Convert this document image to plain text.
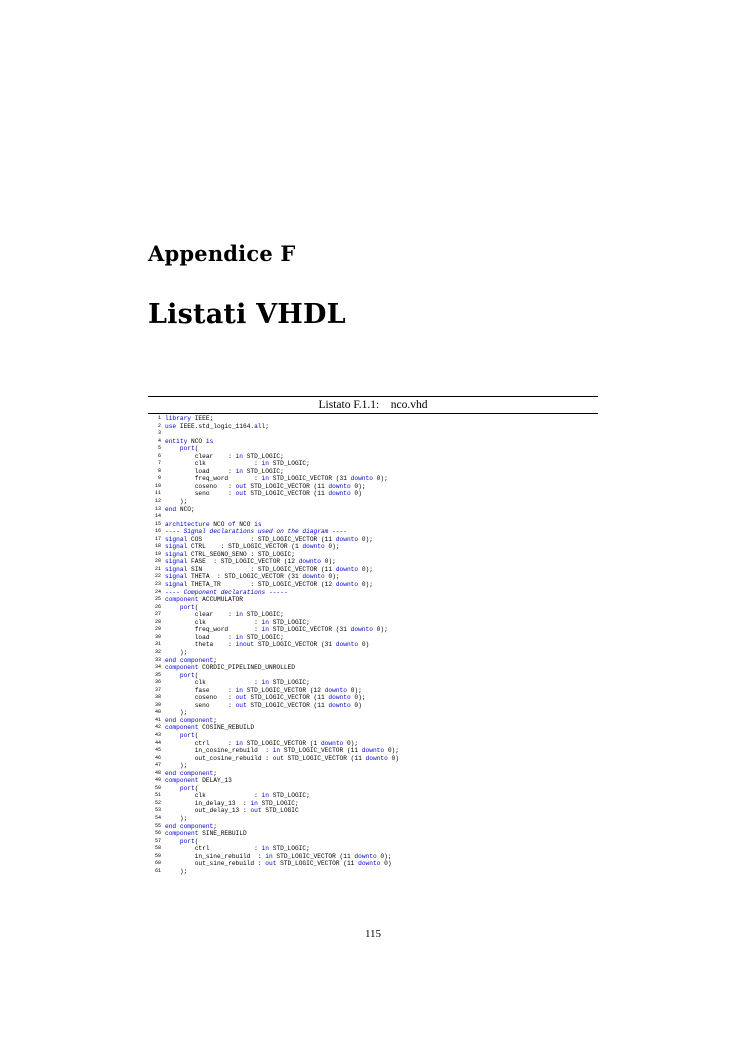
Appendice F
Listati VHDL
Listato F.1.1:    nco.vhd
1 library IEEE;
2 use IEEE.std_logic_1164.all;
3
4 entity NCO is
5	port(
6 clear    : in STD_LOGIC;
7 clk             : in STD_LOGIC;
8 load     : in STD_LOGIC;
9 freq_word       : in STD_LOGIC_VECTOR (31 downto 0);
10 coseno   : out STD_LOGIC_VECTOR (11 downto 0);
11 seno     : out STD_LOGIC_VECTOR (11 downto 0)
12 );
13 end NCO;
14
15 architecture NCO of NCO is
16 ---- Signal declarations used on the diagram ----
17 signal COS             : STD_LOGIC_VECTOR (11 downto 0);
18 signal CTRL    : STD_LOGIC_VECTOR (1 downto 0);
19 signal CTRL_SEGNO_SENO : STD_LOGIC;
20 signal FASE  : STD_LOGIC_VECTOR (12 downto 0);
21 signal SIN             : STD_LOGIC_VECTOR (11 downto 0);
22 signal THETA  : STD_LOGIC_VECTOR (31 downto 0);
23 signal THETA_TR        : STD_LOGIC_VECTOR (12 downto 0);
24 ---- Component declarations -----
25 component ACCUMULATOR
26	port(
27 clear    : in STD_LOGIC;
28 clk             : in STD_LOGIC;
29 freq_word       : in STD_LOGIC_VECTOR (31 downto 0);
30 load     : in STD_LOGIC;
31 theta    : inout STD_LOGIC_VECTOR (31 downto 0)
32 );
33 end component;
34 component CORDIC_PIPELINED_UNROLLED
35	port(
36 clk             : in STD_LOGIC;
37 fase     : in STD_LOGIC_VECTOR (12 downto 0);
38 coseno   : out STD_LOGIC_VECTOR (11 downto 0);
39 seno     : out STD_LOGIC_VECTOR (11 downto 0)
40 );
41 end component;
42 component COSINE_REBUILD
43	port(
44 ctrl     : in STD_LOGIC_VECTOR (1 downto 0);
45 in_cosine_rebuild  : in STD_LOGIC_VECTOR (11 downto 0);
46 out_cosine_rebuild : out STD_LOGIC_VECTOR (11 downto 0)
47 );
48 end component;
49 component DELAY_13
50	port(
51 clk             : in STD_LOGIC;
52 in_delay_13  : in STD_LOGIC;
53 out_delay_13 : out STD_LOGIC
54 );
55 end component;
56 component SINE_REBUILD
57	port(
58 ctrl            : in STD_LOGIC;
59 in_sine_rebuild  : in STD_LOGIC_VECTOR (11 downto 0);
60 out_sine_rebuild : out STD_LOGIC_VECTOR (11 downto 0)
61 );
115
